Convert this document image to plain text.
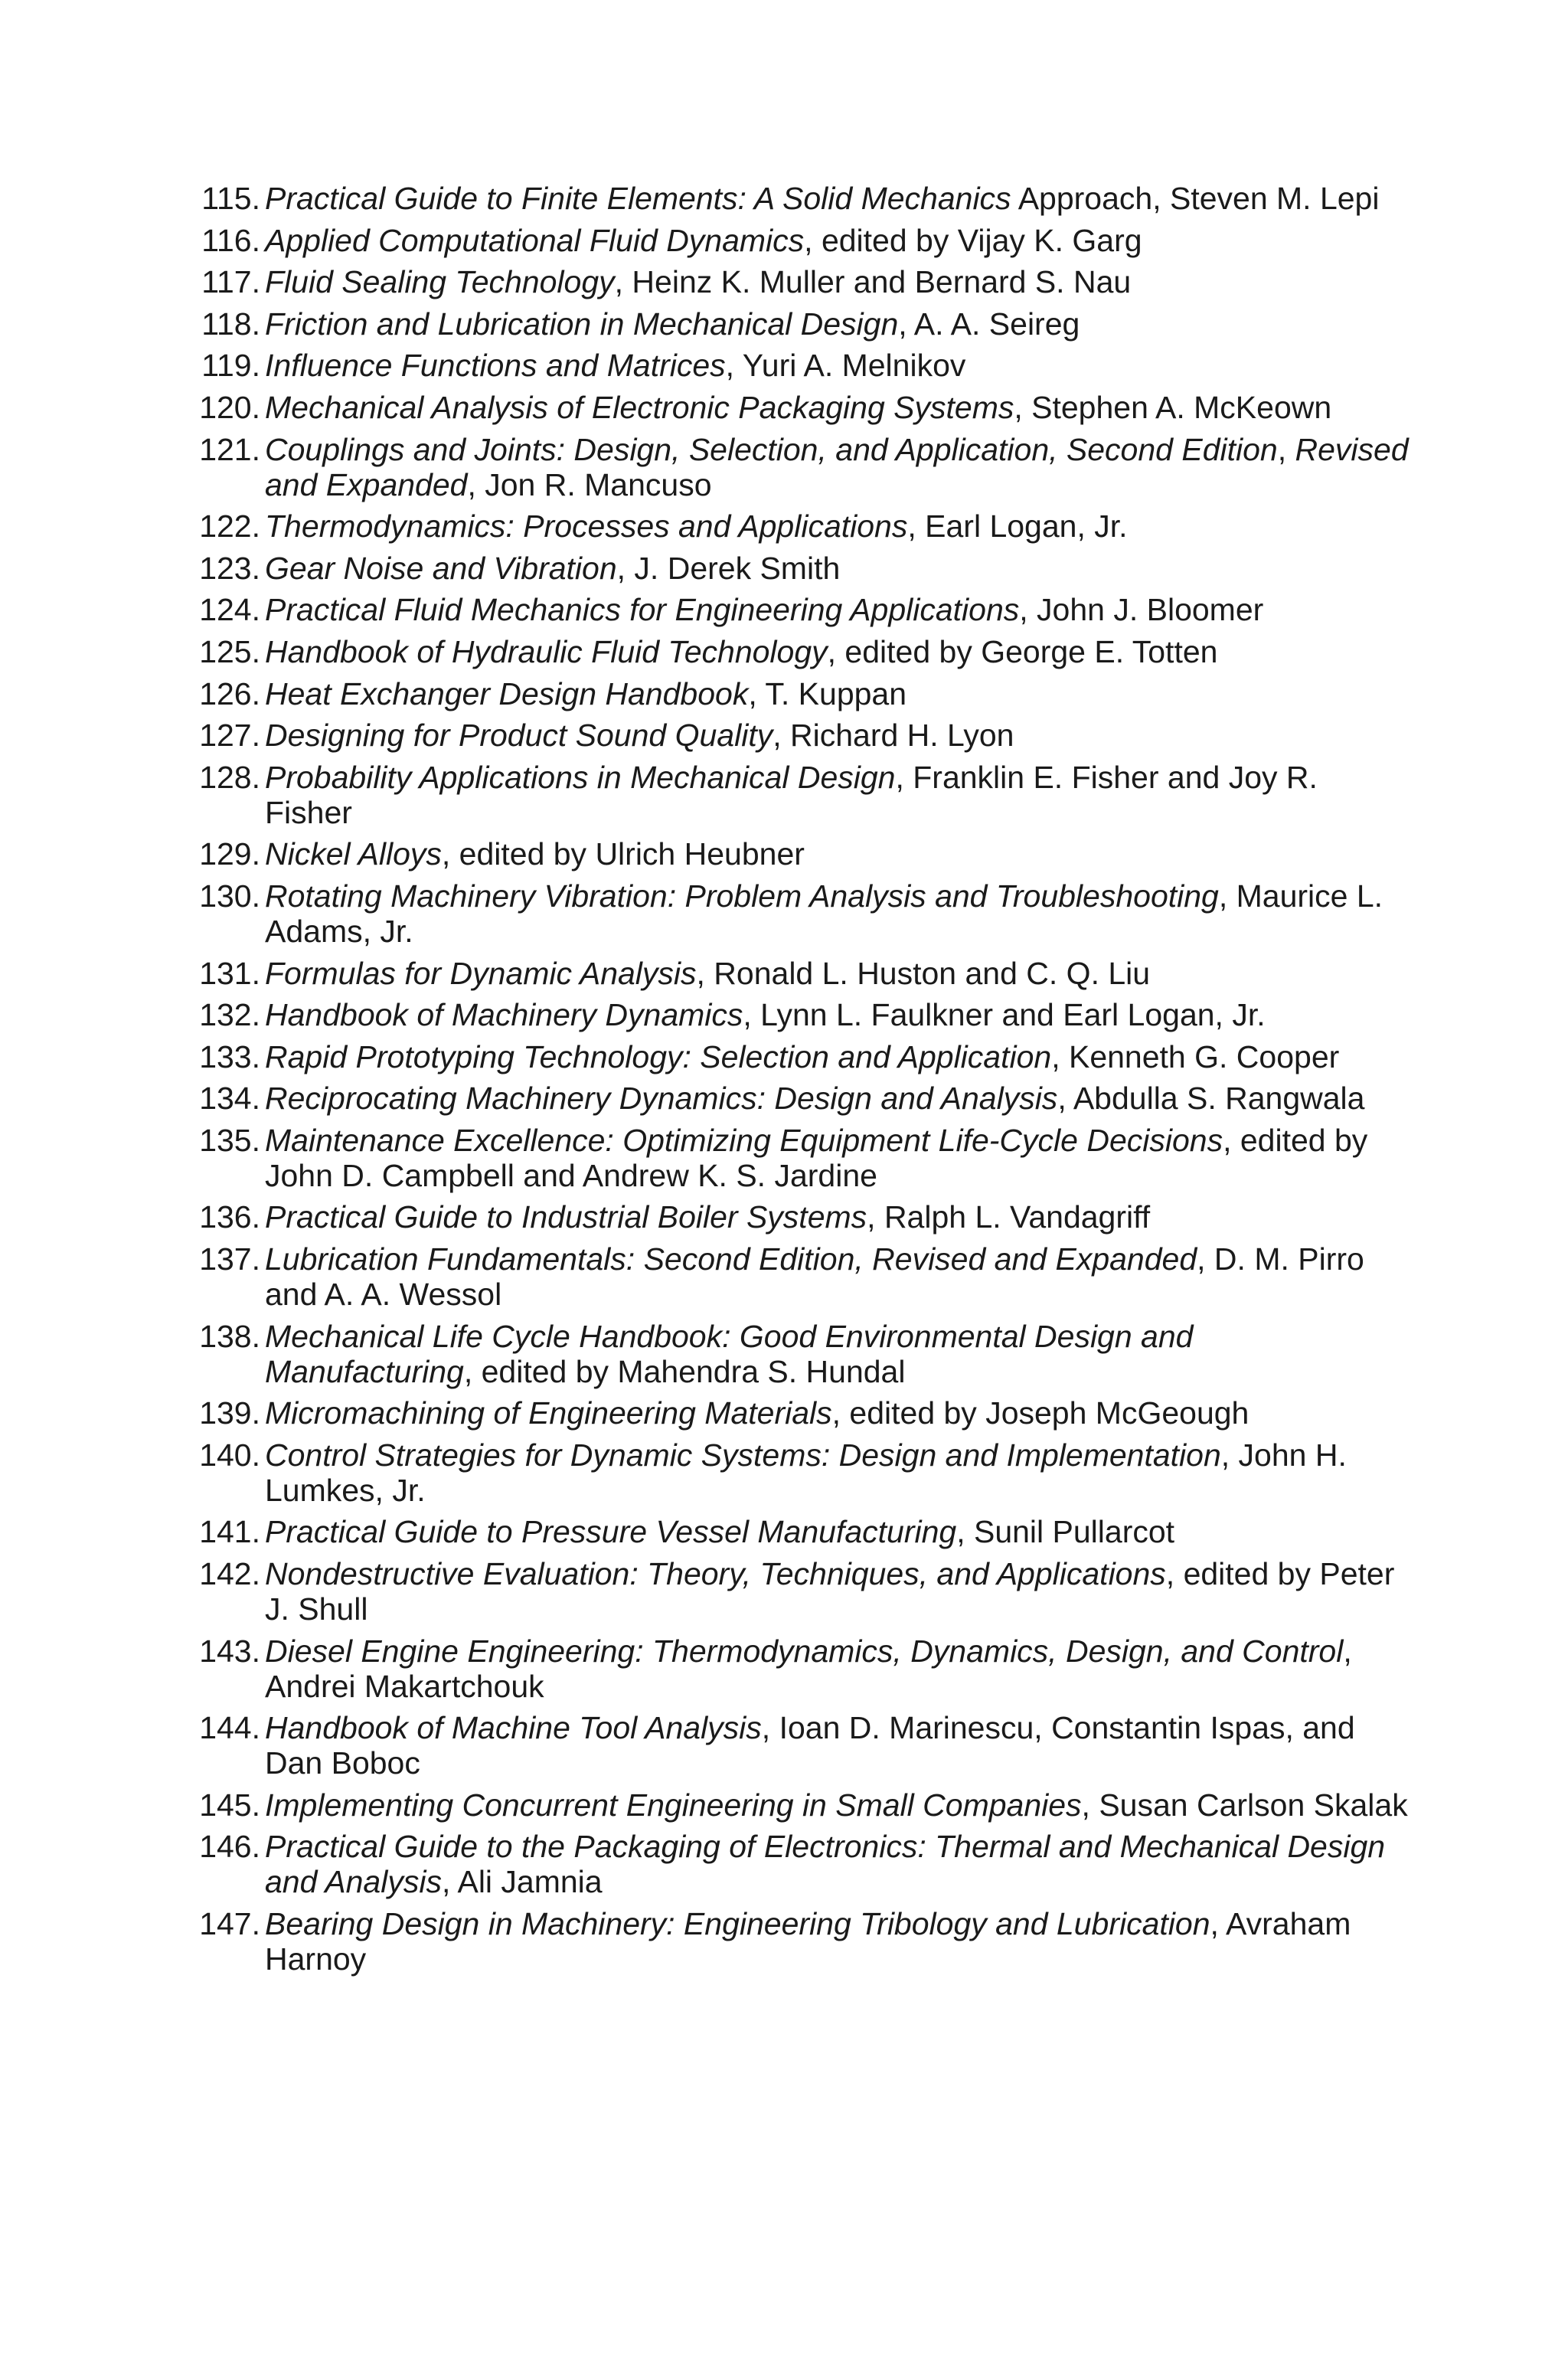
115. Practical Guide to Finite Elements: A Solid Mechanics Approach, Steven M. Lepi
116. Applied Computational Fluid Dynamics, edited by Vijay K. Garg
117. Fluid Sealing Technology, Heinz K. Muller and Bernard S. Nau
118. Friction and Lubrication in Mechanical Design, A. A. Seireg
119. Influence Functions and Matrices, Yuri A. Melnikov
120. Mechanical Analysis of Electronic Packaging Systems, Stephen A. McKeown
121. Couplings and Joints: Design, Selection, and Application, Second Edition, Revised and Expanded, Jon R. Mancuso
122. Thermodynamics: Processes and Applications, Earl Logan, Jr.
123. Gear Noise and Vibration, J. Derek Smith
124. Practical Fluid Mechanics for Engineering Applications, John J. Bloomer
125. Handbook of Hydraulic Fluid Technology, edited by George E. Totten
126. Heat Exchanger Design Handbook, T. Kuppan
127. Designing for Product Sound Quality, Richard H. Lyon
128. Probability Applications in Mechanical Design, Franklin E. Fisher and Joy R. Fisher
129. Nickel Alloys, edited by Ulrich Heubner
130. Rotating Machinery Vibration: Problem Analysis and Troubleshooting, Maurice L. Adams, Jr.
131. Formulas for Dynamic Analysis, Ronald L. Huston and C. Q. Liu
132. Handbook of Machinery Dynamics, Lynn L. Faulkner and Earl Logan, Jr.
133. Rapid Prototyping Technology: Selection and Application, Kenneth G. Cooper
134. Reciprocating Machinery Dynamics: Design and Analysis, Abdulla S. Rangwala
135. Maintenance Excellence: Optimizing Equipment Life-Cycle Decisions, edited by John D. Campbell and Andrew K. S. Jardine
136. Practical Guide to Industrial Boiler Systems, Ralph L. Vandagriff
137. Lubrication Fundamentals: Second Edition, Revised and Expanded, D. M. Pirro and A. A. Wessol
138. Mechanical Life Cycle Handbook: Good Environmental Design and Manufacturing, edited by Mahendra S. Hundal
139. Micromachining of Engineering Materials, edited by Joseph McGeough
140. Control Strategies for Dynamic Systems: Design and Implementation, John H. Lumkes, Jr.
141. Practical Guide to Pressure Vessel Manufacturing, Sunil Pullarcot
142. Nondestructive Evaluation: Theory, Techniques, and Applications, edited by Peter J. Shull
143. Diesel Engine Engineering: Thermodynamics, Dynamics, Design, and Control, Andrei Makartchouk
144. Handbook of Machine Tool Analysis, Ioan D. Marinescu, Constantin Ispas, and Dan Boboc
145. Implementing Concurrent Engineering in Small Companies, Susan Carlson Skalak
146. Practical Guide to the Packaging of Electronics: Thermal and Mechanical Design and Analysis, Ali Jamnia
147. Bearing Design in Machinery: Engineering Tribology and Lubrication, Avraham Harnoy
